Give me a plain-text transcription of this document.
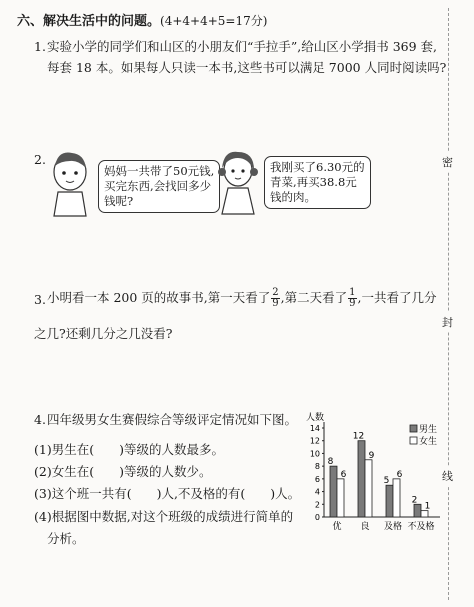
密
封
线
六、解决生活中的问题。(4+4+4+5=17分)
1. 实验小学的同学们和山区的小朋友们“手拉手”,给山区小学捐书 369 套,
每套 18 本。如果每人只读一本书,这些书可以满足 7000 人同时阅读吗?
2.
妈妈一共带了50元钱,
买完东西,会找回多少
钱呢?
我刚买了6.30元的
青菜,再买38.8元
钱的肉。
3. 小明看一本 200 页的故事书,第一天看了 $\frac{2}{9}$ ,第二天看了 $\frac{1}{9}$ ,一共看了几分
之几?还剩几分之几没看?
4. 四年级男女生赛假综合等级评定情况如下图。
(1)男生在(　　)等级的人数最多。
(2)女生在(　　)等级的人数少。
(3)这个班一共有(　　)人,不及格的有(　　)人。
(4)根据图中数据,对这个班级的成绩进行简单的
分析。
人数
0
2
4
6
8
10
12
14
8
6
优
12
9
良
5
6
及格
2
1
不及格
男生
女生
